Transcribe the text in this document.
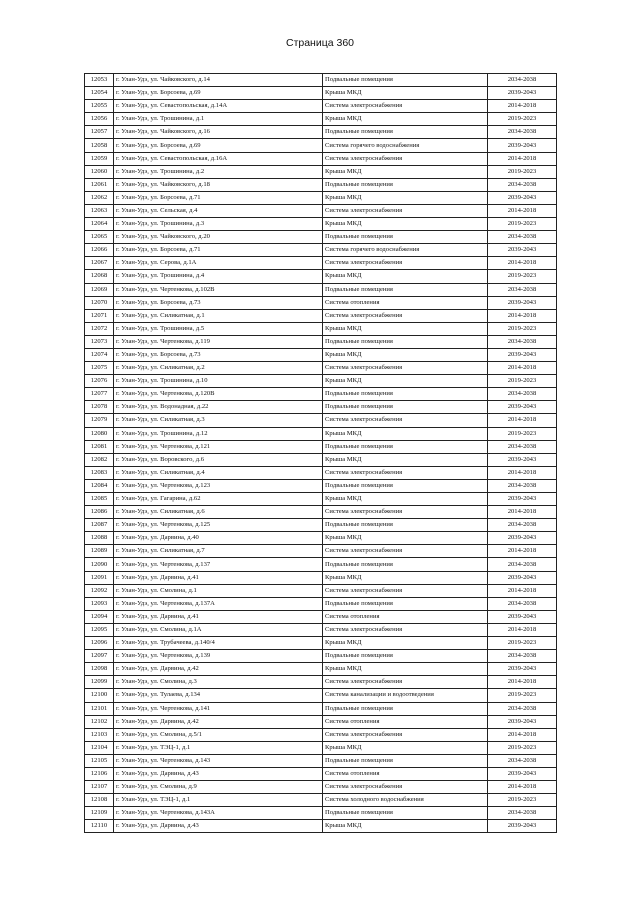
Страница 360
12053	г. Улан-Удэ, ул. Чайковского, д.14	Подвальные помещения	2034-2038
12054	г. Улан-Удэ, ул. Борсоева, д.69	Крыша МКД	2039-2043
12055	г. Улан-Удэ, ул. Севастопольская, д.14А	Система электроснабжения	2014-2018
12056	г. Улан-Удэ, ул. Трошинина, д.1	Крыша МКД	2019-2023
12057	г. Улан-Удэ, ул. Чайковского, д.16	Подвальные помещения	2034-2038
12058	г. Улан-Удэ, ул. Борсоева, д.69	Система горячего водоснабжения	2039-2043
12059	г. Улан-Удэ, ул. Севастопольская, д.16А	Система электроснабжения	2014-2018
12060	г. Улан-Удэ, ул. Трошинина, д.2	Крыша МКД	2019-2023
12061	г. Улан-Удэ, ул. Чайковского, д.18	Подвальные помещения	2034-2038
12062	г. Улан-Удэ, ул. Борсоева, д.71	Крыша МКД	2039-2043
12063	г. Улан-Удэ, ул. Сельская, д.4	Система электроснабжения	2014-2018
12064	г. Улан-Удэ, ул. Трошинина, д.3	Крыша МКД	2019-2023
12065	г. Улан-Удэ, ул. Чайковского, д.20	Подвальные помещения	2034-2038
12066	г. Улан-Удэ, ул. Борсоева, д.71	Система горячего водоснабжения	2039-2043
12067	г. Улан-Удэ, ул. Серова, д.1А	Система электроснабжения	2014-2018
12068	г. Улан-Удэ, ул. Трошинина, д.4	Крыша МКД	2019-2023
12069	г. Улан-Удэ, ул. Чертенкова, д.102В	Подвальные помещения	2034-2038
12070	г. Улан-Удэ, ул. Борсоева, д.73	Система отопления	2039-2043
12071	г. Улан-Удэ, ул. Силикатная, д.1	Система электроснабжения	2014-2018
12072	г. Улан-Удэ, ул. Трошинина, д.5	Крыша МКД	2019-2023
12073	г. Улан-Удэ, ул. Чертенкова, д.119	Подвальные помещения	2034-2038
12074	г. Улан-Удэ, ул. Борсоева, д.73	Крыша МКД	2039-2043
12075	г. Улан-Удэ, ул. Силикатная, д.2	Система электроснабжения	2014-2018
12076	г. Улан-Удэ, ул. Трошинина, д.10	Крыша МКД	2019-2023
12077	г. Улан-Удэ, ул. Чертенкова, д.120В	Подвальные помещения	2034-2038
12078	г. Улан-Удэ, ул. Водонадная, д.22	Подвальные помещения	2039-2043
12079	г. Улан-Удэ, ул. Силикатная, д.3	Система электроснабжения	2014-2018
12080	г. Улан-Удэ, ул. Трошинина, д.12	Крыша МКД	2019-2023
12081	г. Улан-Удэ, ул. Чертенкова, д.121	Подвальные помещения	2034-2038
12082	г. Улан-Удэ, ул. Воровского, д.6	Крыша МКД	2039-2043
12083	г. Улан-Удэ, ул. Силикатная, д.4	Система электроснабжения	2014-2018
12084	г. Улан-Удэ, ул. Чертенкова, д.123	Подвальные помещения	2034-2038
12085	г. Улан-Удэ, ул. Гагарина, д.62	Крыша МКД	2039-2043
12086	г. Улан-Удэ, ул. Силикатная, д.6	Система электроснабжения	2014-2018
12087	г. Улан-Удэ, ул. Чертенкова, д.125	Подвальные помещения	2034-2038
12088	г. Улан-Удэ, ул. Дарвина, д.40	Крыша МКД	2039-2043
12089	г. Улан-Удэ, ул. Силикатная, д.7	Система электроснабжения	2014-2018
12090	г. Улан-Удэ, ул. Чертенкова, д.137	Подвальные помещения	2034-2038
12091	г. Улан-Удэ, ул. Дарвина, д.41	Крыша МКД	2039-2043
12092	г. Улан-Удэ, ул. Смолина, д.1	Система электроснабжения	2014-2018
12093	г. Улан-Удэ, ул. Чертенкова, д.137А	Подвальные помещения	2034-2038
12094	г. Улан-Удэ, ул. Дарвина, д.41	Система отопления	2039-2043
12095	г. Улан-Удэ, ул. Смолина, д.1А	Система электроснабжения	2014-2018
12096	г. Улан-Удэ, ул. Трубачеева, д.140/4	Крыша МКД	2019-2023
12097	г. Улан-Удэ, ул. Чертенкова, д.139	Подвальные помещения	2034-2038
12098	г. Улан-Удэ, ул. Дарвина, д.42	Крыша МКД	2039-2043
12099	г. Улан-Удэ, ул. Смолина, д.3	Система электроснабжения	2014-2018
12100	г. Улан-Удэ, ул. Тулаева, д.134	Система канализации и водоотведения	2019-2023
12101	г. Улан-Удэ, ул. Чертенкова, д.141	Подвальные помещения	2034-2038
12102	г. Улан-Удэ, ул. Дарвина, д.42	Система отопления	2039-2043
12103	г. Улан-Удэ, ул. Смолина, д.5/1	Система электроснабжения	2014-2018
12104	г. Улан-Удэ, ул. ТЭЦ-1, д.1	Крыша МКД	2019-2023
12105	г. Улан-Удэ, ул. Чертенкова, д.143	Подвальные помещения	2034-2038
12106	г. Улан-Удэ, ул. Дарвина, д.43	Система отопления	2039-2043
12107	г. Улан-Удэ, ул. Смолина, д.9	Система электроснабжения	2014-2018
12108	г. Улан-Удэ, ул. ТЭЦ-1, д.1	Система холодного водоснабжения	2019-2023
12109	г. Улан-Удэ, ул. Чертенкова, д.143А	Подвальные помещения	2034-2038
12110	г. Улан-Удэ, ул. Дарвина, д.43	Крыша МКД	2039-2043
